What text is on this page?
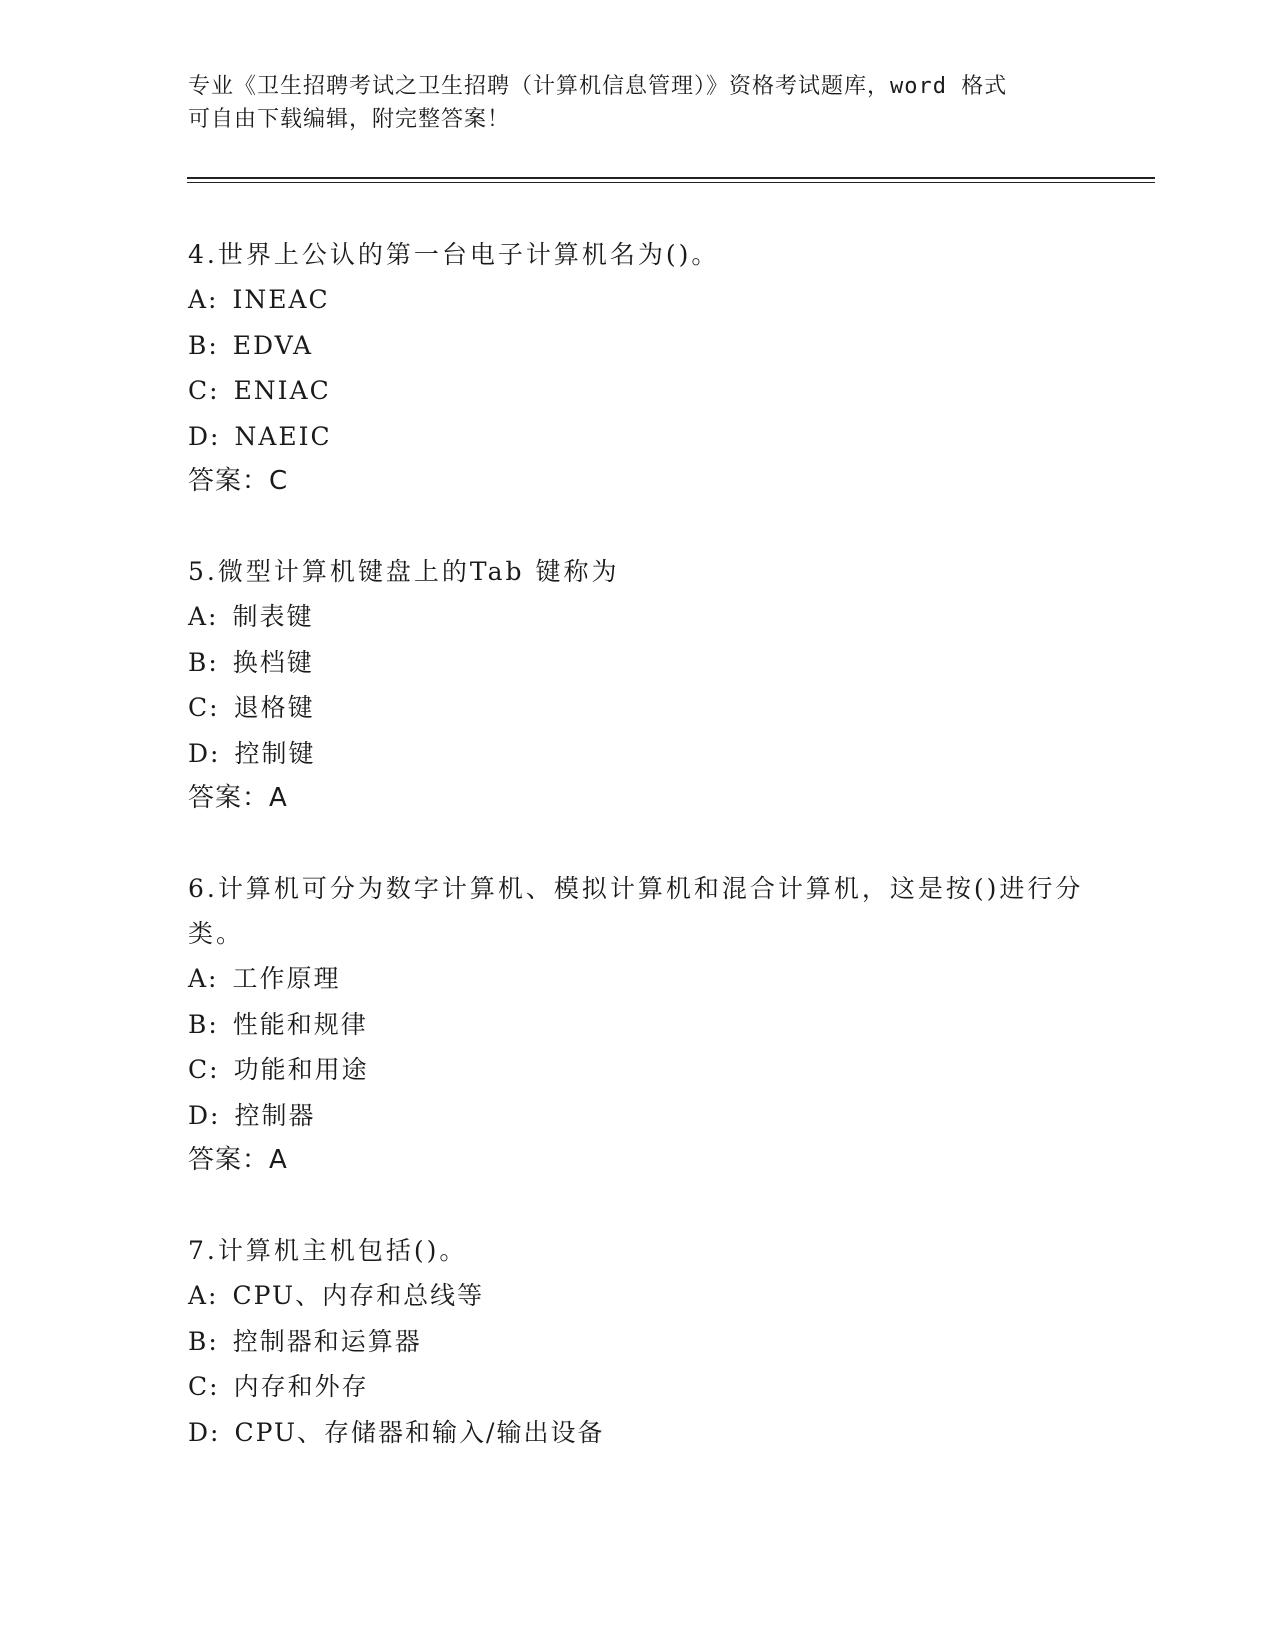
专业《卫生招聘考试之卫生招聘（计算机信息管理）》资格考试题库，word 格式
可自由下载编辑，附完整答案！
4.世界上公认的第一台电子计算机名为()。
A: INEAC
B: EDVA
C: ENIAC
D: NAEIC
答案：C
5.微型计算机键盘上的Tab 键称为
A: 制表键
B: 换档键
C: 退格键
D: 控制键
答案：A
6.计算机可分为数字计算机、模拟计算机和混合计算机，这是按()进行分类。
A: 工作原理
B: 性能和规律
C: 功能和用途
D: 控制器
答案：A
7.计算机主机包括()。
A: CPU、内存和总线等
B: 控制器和运算器
C: 内存和外存
D: CPU、存储器和输入/输出设备
